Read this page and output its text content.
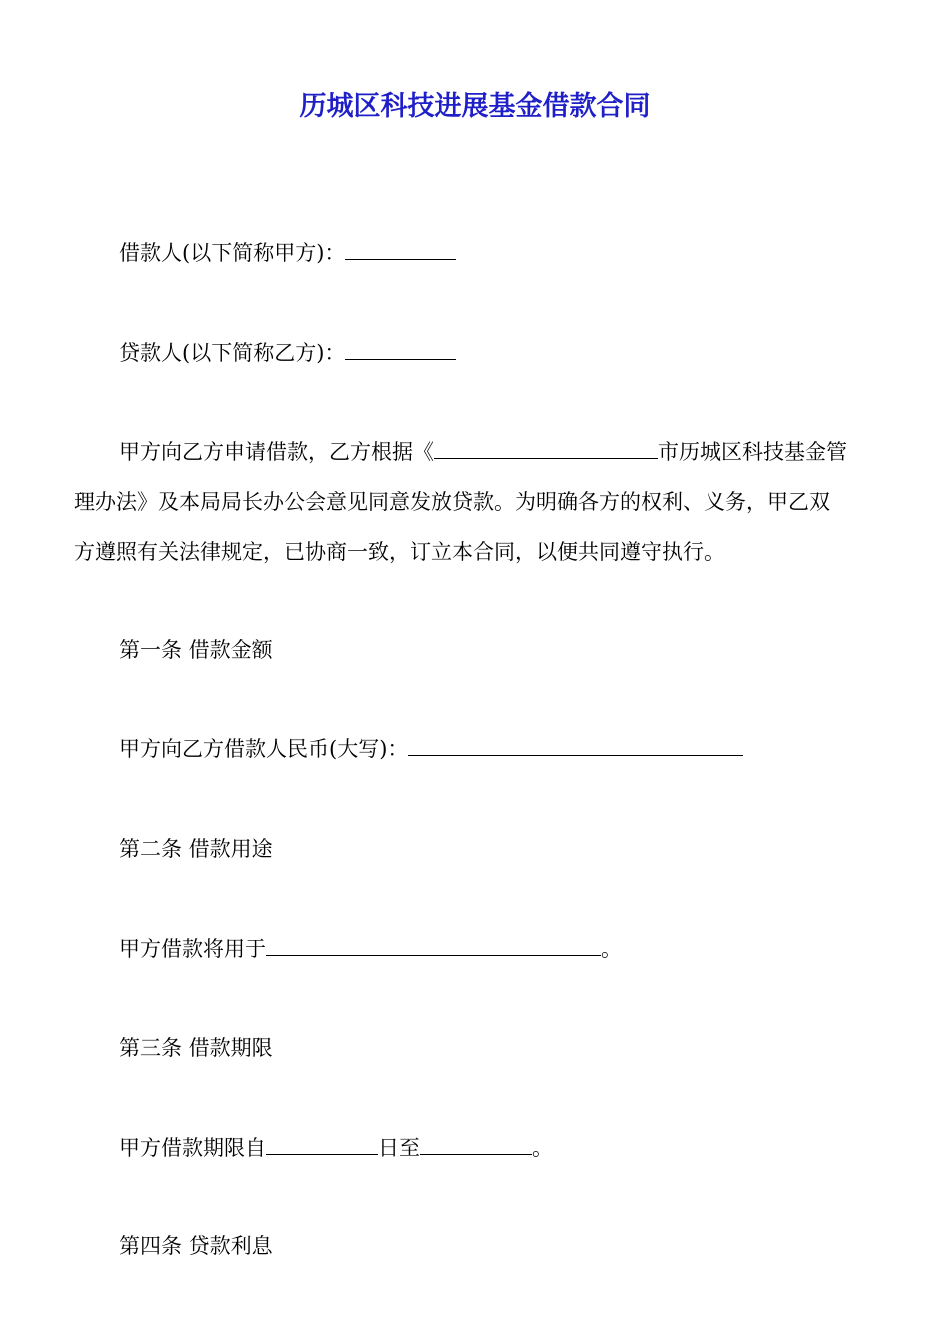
历城区科技进展基金借款合同
借款人(以下简称甲方)：
贷款人(以下简称乙方)：
甲方向乙方申请借款，乙方根据《	市历城区科技基金管
理办法》及本局局长办公会意见同意发放贷款。为明确各方的权利、义务，甲乙双
方遵照有关法律规定，已协商一致，订立本合同，以便共同遵守执行。
第一条 借款金额
甲方向乙方借款人民币(大写)：
第二条 借款用途
甲方借款将用于	。
第三条 借款期限
甲方借款期限自	日至	。
第四条 贷款利息
